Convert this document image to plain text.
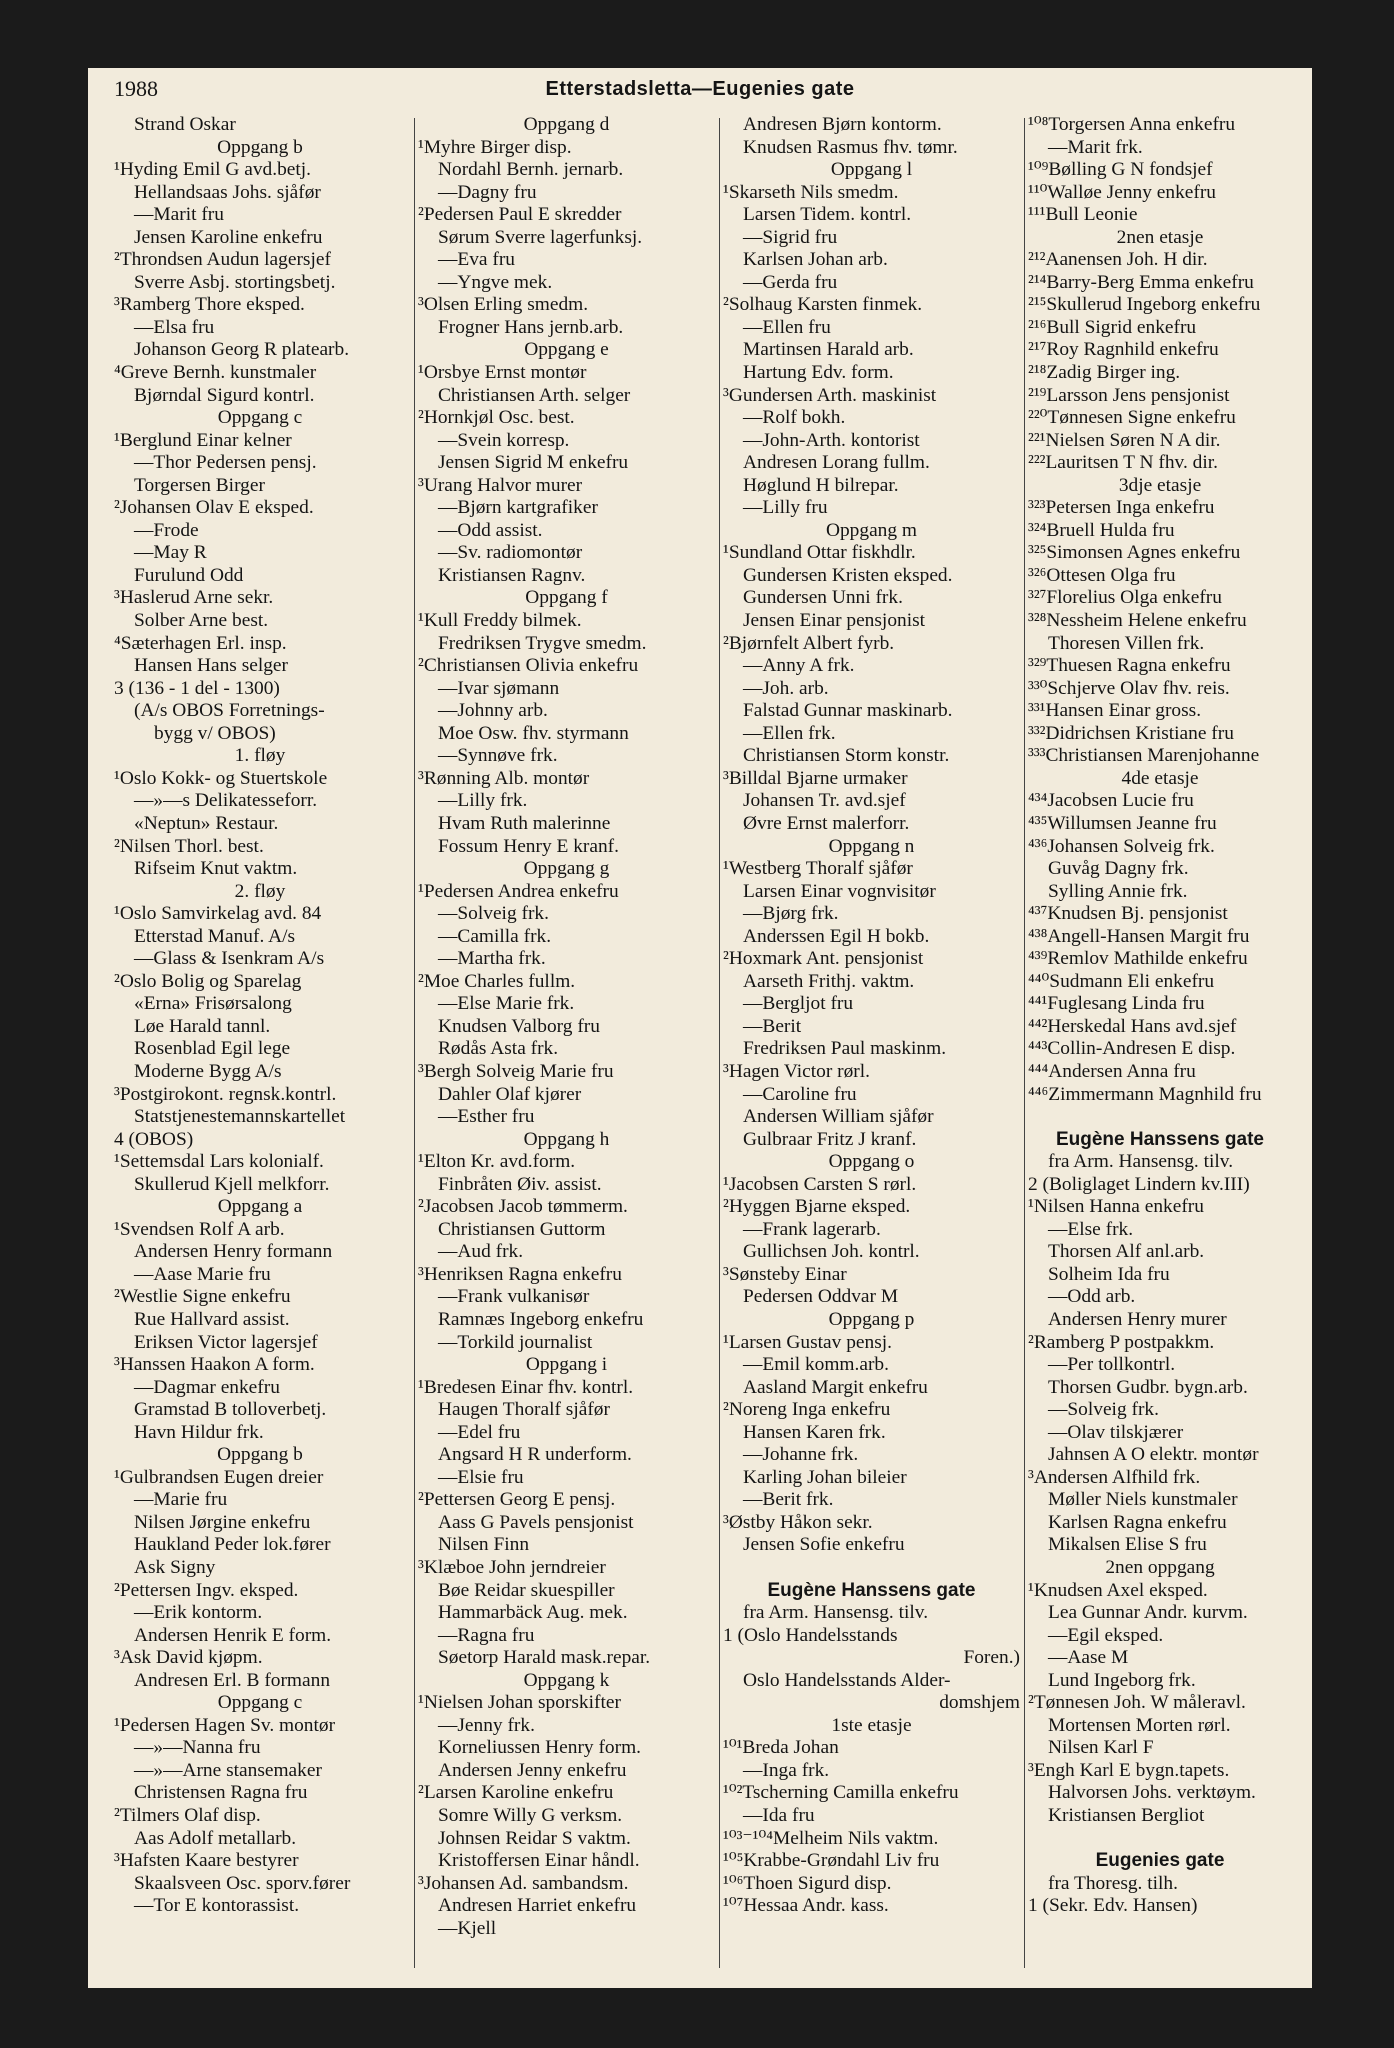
1988	Etterstadsletta—Eugenies gate
Strand Oskar
Oppgang b
¹Hyding Emil G avd.betj.
Hellandsaas Johs. sjåfør
—Marit fru
Jensen Karoline enkefru
²Throndsen Audun lagersjef
Sverre Asbj. stortingsbetj.
³Ramberg Thore eksped.
—Elsa fru
Johanson Georg R platearb.
⁴Greve Bernh. kunstmaler
Bjørndal Sigurd kontrl.
Oppgang c
¹Berglund Einar kelner
—Thor Pedersen pensj.
Torgersen Birger
²Johansen Olav E eksped.
—Frode
—May R
Furulund Odd
³Haslerud Arne sekr.
Solber Arne best.
⁴Sæterhagen Erl. insp.
Hansen Hans selger
3 (136 - 1 del - 1300)
(A/s OBOS Forretnings-
bygg v/ OBOS)
1. fløy
¹Oslo Kokk- og Stuertskole
—»—s Delikatesseforr.
«Neptun» Restaur.
²Nilsen Thorl. best.
Rifseim Knut vaktm.
2. fløy
¹Oslo Samvirkelag avd. 84
Etterstad Manuf. A/s
—Glass & Isenkram A/s
²Oslo Bolig og Sparelag
«Erna» Frisørsalong
Løe Harald tannl.
Rosenblad Egil lege
Moderne Bygg A/s
³Postgirokont. regnsk.kontrl.
Statstjenestemannskartellet
4 (OBOS)
¹Settemsdal Lars kolonialf.
Skullerud Kjell melkforr.
Oppgang a
¹Svendsen Rolf A arb.
Andersen Henry formann
—Aase Marie fru
²Westlie Signe enkefru
Rue Hallvard assist.
Eriksen Victor lagersjef
³Hanssen Haakon A form.
—Dagmar enkefru
Gramstad B tolloverbetj.
Havn Hildur frk.
Oppgang b
¹Gulbrandsen Eugen dreier
—Marie fru
Nilsen Jørgine enkefru
Haukland Peder lok.fører
Ask Signy
²Pettersen Ingv. eksped.
—Erik kontorm.
Andersen Henrik E form.
³Ask David kjøpm.
Andresen Erl. B formann
Oppgang c
¹Pedersen Hagen Sv. montør
—»—Nanna fru
—»—Arne stansemaker
Christensen Ragna fru
²Tilmers Olaf disp.
Aas Adolf metallarb.
³Hafsten Kaare bestyrer
Skaalsveen Osc. sporv.fører
—Tor E kontorassist.
Oppgang d
¹Myhre Birger disp.
Nordahl Bernh. jernarb.
—Dagny fru
²Pedersen Paul E skredder
Sørum Sverre lagerfunksj.
—Eva fru
—Yngve mek.
³Olsen Erling smedm.
Frogner Hans jernb.arb.
Oppgang e
¹Orsbye Ernst montør
Christiansen Arth. selger
²Hornkjøl Osc. best.
—Svein korresp.
Jensen Sigrid M enkefru
³Urang Halvor murer
—Bjørn kartgrafiker
—Odd assist.
—Sv. radiomontør
Kristiansen Ragnv.
Oppgang f
¹Kull Freddy bilmek.
Fredriksen Trygve smedm.
²Christiansen Olivia enkefru
—Ivar sjømann
—Johnny arb.
Moe Osw. fhv. styrmann
—Synnøve frk.
³Rønning Alb. montør
—Lilly frk.
Hvam Ruth malerinne
Fossum Henry E kranf.
Oppgang g
¹Pedersen Andrea enkefru
—Solveig frk.
—Camilla frk.
—Martha frk.
²Moe Charles fullm.
—Else Marie frk.
Knudsen Valborg fru
Rødås Asta frk.
³Bergh Solveig Marie fru
Dahler Olaf kjører
—Esther fru
Oppgang h
¹Elton Kr. avd.form.
Finbråten Øiv. assist.
²Jacobsen Jacob tømmerm.
Christiansen Guttorm
—Aud frk.
³Henriksen Ragna enkefru
—Frank vulkanisør
Ramnæs Ingeborg enkefru
—Torkild journalist
Oppgang i
¹Bredesen Einar fhv. kontrl.
Haugen Thoralf sjåfør
—Edel fru
Angsard H R underform.
—Elsie fru
²Pettersen Georg E pensj.
Aass G Pavels pensjonist
Nilsen Finn
³Klæboe John jerndreier
Bøe Reidar skuespiller
Hammarbäck Aug. mek.
—Ragna fru
Søetorp Harald mask.repar.
Oppgang k
¹Nielsen Johan sporskifter
—Jenny frk.
Korneliussen Henry form.
Andersen Jenny enkefru
²Larsen Karoline enkefru
Somre Willy G verksm.
Johnsen Reidar S vaktm.
Kristoffersen Einar håndl.
³Johansen Ad. sambandsm.
Andresen Harriet enkefru
—Kjell
Andresen Bjørn kontorm.
Knudsen Rasmus fhv. tømr.
Oppgang l
¹Skarseth Nils smedm.
Larsen Tidem. kontrl.
—Sigrid fru
Karlsen Johan arb.
—Gerda fru
²Solhaug Karsten finmek.
—Ellen fru
Martinsen Harald arb.
Hartung Edv. form.
³Gundersen Arth. maskinist
—Rolf bokh.
—John-Arth. kontorist
Andresen Lorang fullm.
Høglund H bilrepar.
—Lilly fru
Oppgang m
¹Sundland Ottar fiskhdlr.
Gundersen Kristen eksped.
Gundersen Unni frk.
Jensen Einar pensjonist
²Bjørnfelt Albert fyrb.
—Anny A frk.
—Joh. arb.
Falstad Gunnar maskinarb.
—Ellen frk.
Christiansen Storm konstr.
³Billdal Bjarne urmaker
Johansen Tr. avd.sjef
Øvre Ernst malerforr.
Oppgang n
¹Westberg Thoralf sjåfør
Larsen Einar vognvisitør
—Bjørg frk.
Anderssen Egil H bokb.
²Hoxmark Ant. pensjonist
Aarseth Frithj. vaktm.
—Bergljot fru
—Berit
Fredriksen Paul maskinm.
³Hagen Victor rørl.
—Caroline fru
Andersen William sjåfør
Gulbraar Fritz J kranf.
Oppgang o
¹Jacobsen Carsten S rørl.
²Hyggen Bjarne eksped.
—Frank lagerarb.
Gullichsen Joh. kontrl.
³Sønsteby Einar
Pedersen Oddvar M
Oppgang p
¹Larsen Gustav pensj.
—Emil komm.arb.
Aasland Margit enkefru
²Noreng Inga enkefru
Hansen Karen frk.
—Johanne frk.
Karling Johan bileier
—Berit frk.
³Østby Håkon sekr.
Jensen Sofie enkefru
Eugène Hanssens gate
fra Arm. Hansensg. tilv.
1 (Oslo Handelsstands
Foren.)
Oslo Handelsstands Alder-
domshjem
1ste etasje
¹⁰¹Breda Johan
—Inga frk.
¹⁰²Tscherning Camilla enkefru
—Ida fru
¹⁰³⁻¹⁰⁴Melheim Nils vaktm.
¹⁰⁵Krabbe-Grøndahl Liv fru
¹⁰⁶Thoen Sigurd disp.
¹⁰⁷Hessaa Andr. kass.
¹⁰⁸Torgersen Anna enkefru
—Marit frk.
¹⁰⁹Bølling G N fondsjef
¹¹⁰Walløe Jenny enkefru
¹¹¹Bull Leonie
2nen etasje
²¹²Aanensen Joh. H dir.
²¹⁴Barry-Berg Emma enkefru
²¹⁵Skullerud Ingeborg enkefru
²¹⁶Bull Sigrid enkefru
²¹⁷Roy Ragnhild enkefru
²¹⁸Zadig Birger ing.
²¹⁹Larsson Jens pensjonist
²²⁰Tønnesen Signe enkefru
²²¹Nielsen Søren N A dir.
²²²Lauritsen T N fhv. dir.
3dje etasje
³²³Petersen Inga enkefru
³²⁴Bruell Hulda fru
³²⁵Simonsen Agnes enkefru
³²⁶Ottesen Olga fru
³²⁷Florelius Olga enkefru
³²⁸Nessheim Helene enkefru
Thoresen Villen frk.
³²⁹Thuesen Ragna enkefru
³³⁰Schjerve Olav fhv. reis.
³³¹Hansen Einar gross.
³³²Didrichsen Kristiane fru
³³³Christiansen Marenjohanne
4de etasje
⁴³⁴Jacobsen Lucie fru
⁴³⁵Willumsen Jeanne fru
⁴³⁶Johansen Solveig frk.
Guvåg Dagny frk.
Sylling Annie frk.
⁴³⁷Knudsen Bj. pensjonist
⁴³⁸Angell-Hansen Margit fru
⁴³⁹Remlov Mathilde enkefru
⁴⁴⁰Sudmann Eli enkefru
⁴⁴¹Fuglesang Linda fru
⁴⁴²Herskedal Hans avd.sjef
⁴⁴³Collin-Andresen E disp.
⁴⁴⁴Andersen Anna fru
⁴⁴⁶Zimmermann Magnhild fru
Eugène Hanssens gate
fra Arm. Hansensg. tilv.
2 (Boliglaget Lindern kv.III)
¹Nilsen Hanna enkefru
—Else frk.
Thorsen Alf anl.arb.
Solheim Ida fru
—Odd arb.
Andersen Henry murer
²Ramberg P postpakkm.
—Per tollkontrl.
Thorsen Gudbr. bygn.arb.
—Solveig frk.
—Olav tilskjærer
Jahnsen A O elektr. montør
³Andersen Alfhild frk.
Møller Niels kunstmaler
Karlsen Ragna enkefru
Mikalsen Elise S fru
2nen oppgang
¹Knudsen Axel eksped.
Lea Gunnar Andr. kurvm.
—Egil eksped.
—Aase M
Lund Ingeborg frk.
²Tønnesen Joh. W måleravl.
Mortensen Morten rørl.
Nilsen Karl F
³Engh Karl E bygn.tapets.
Halvorsen Johs. verktøym.
Kristiansen Bergliot
Eugenies gate
fra Thoresg. tilh.
1 (Sekr. Edv. Hansen)
